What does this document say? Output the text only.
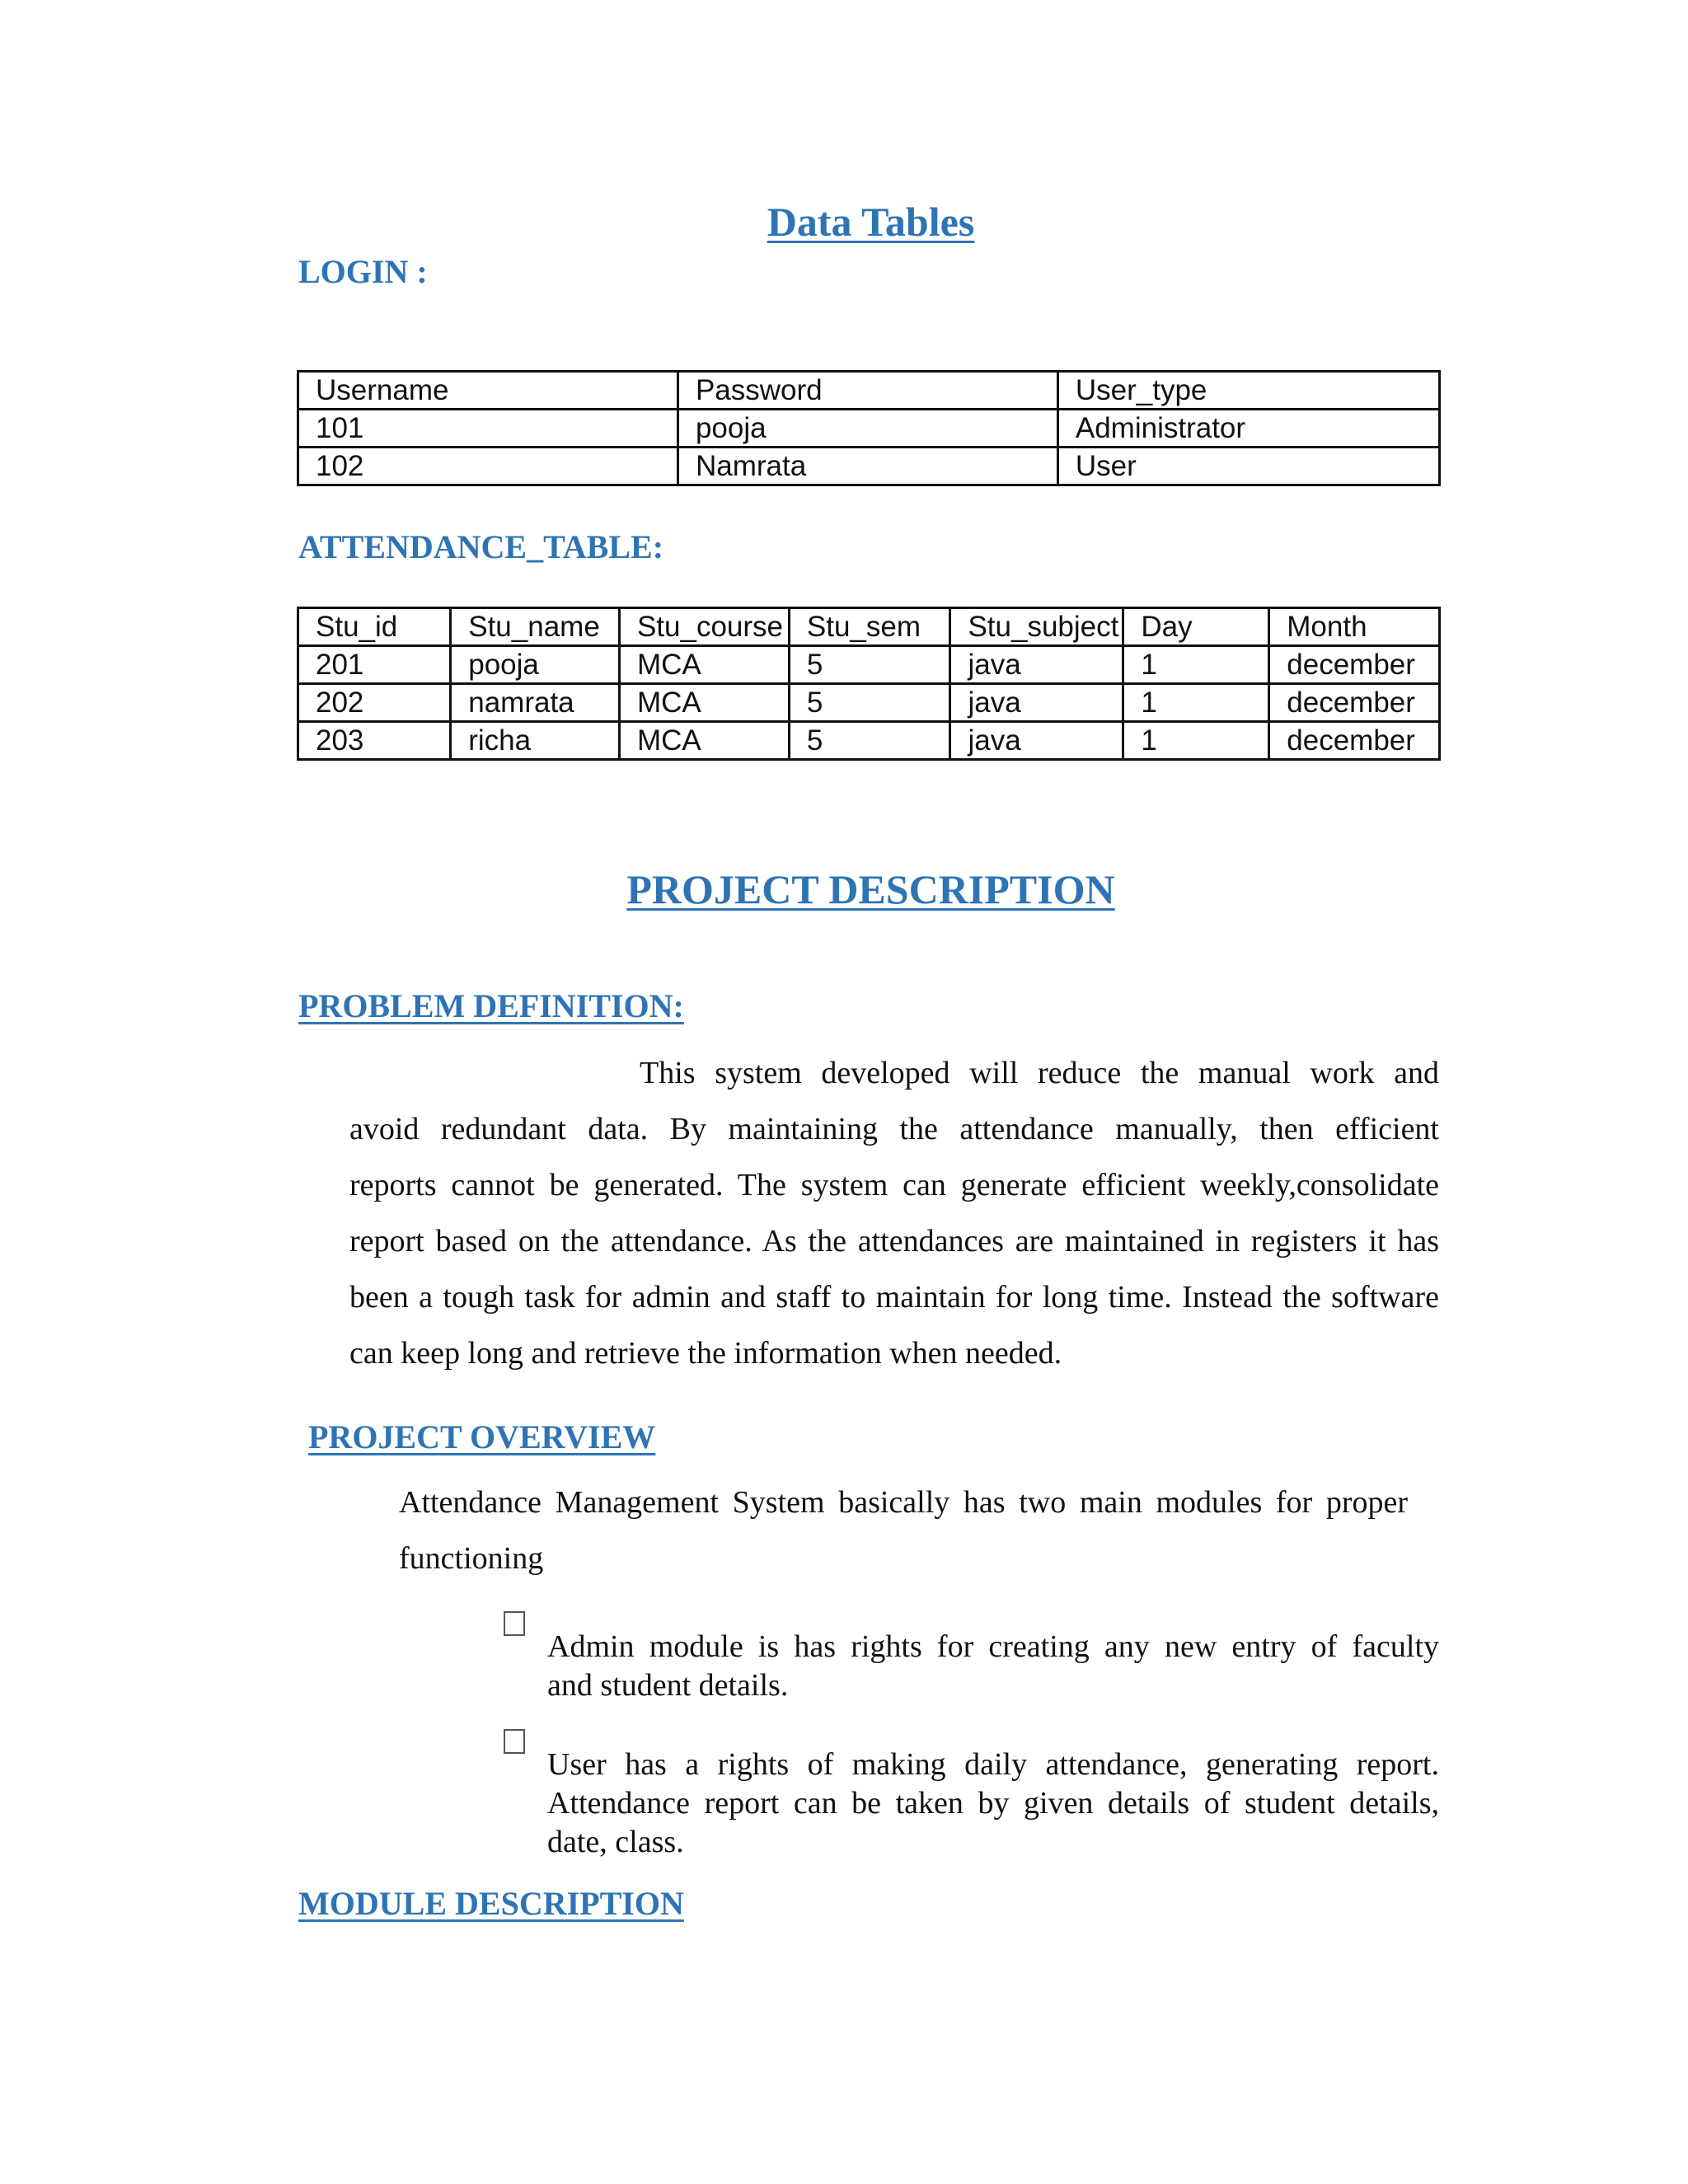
Data Tables
LOGIN :
Username	Password	User_type
101	pooja	Administrator
102	Namrata	User
ATTENDANCE_TABLE:
Stu_id	Stu_name	Stu_course	Stu_sem	Stu_subject	Day	Month
201	pooja	MCA	5	java	1	december
202	namrata	MCA	5	java	1	december
203	richa	MCA	5	java	1	december
PROJECT DESCRIPTION
PROBLEM DEFINITION:
This system developed will reduce the manual work and
avoid redundant data. By maintaining the attendance manually, then efficient
reports cannot be generated. The system can generate efficient weekly,consolidate
report based on the attendance. As the attendances are maintained in registers it has
been a tough task for admin and staff to maintain for long time. Instead the software
can keep long and retrieve the information when needed.
PROJECT OVERVIEW
Attendance Management System basically has two main modules for proper
functioning
Admin module is has rights for creating any new entry of faculty
and student details.
User has a rights of making daily attendance, generating report.
Attendance report can be taken by given details of student details,
date, class.
MODULE DESCRIPTION
